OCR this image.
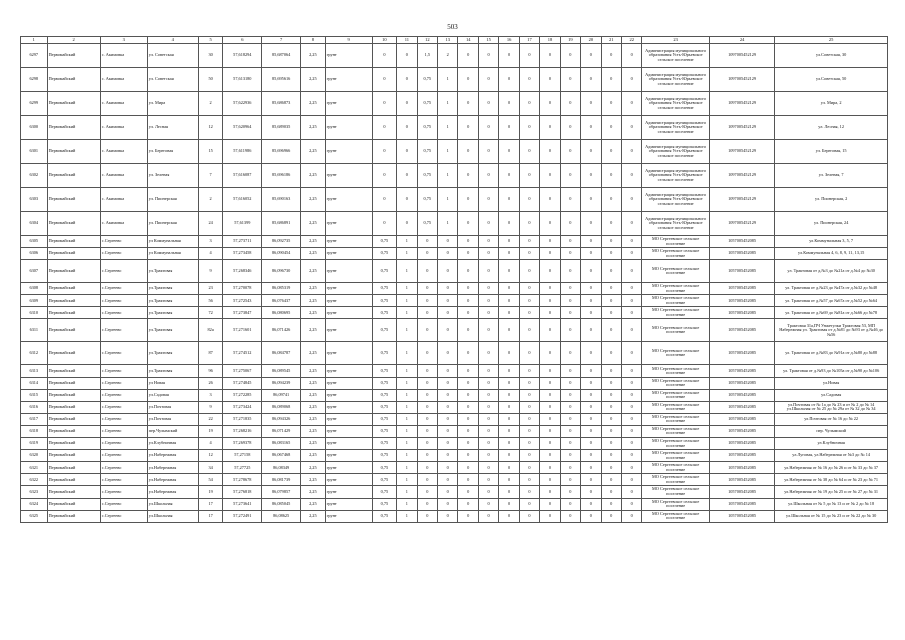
503
1	2	3	4	5	6	7	8	9	10	11	12	13	14	15	16	17	18	19	20	21	22	23	24	25
6297	Первомайский	с. Акимовка	ул. Советская	30	57,618294	85,687064	2,25	грунт	0	0	1,5	2	0	0	0	0	0	0	0	0	0	Администрация муниципального образования Усть-Юрьевское сельское поселение	1097005452129	ул.Советская, 30
6298	Первомайский	с. Акимовка	ул. Советская	50	57,613180	85,695616	2,25	грунт	0	0	0,75	1	0	0	0	0	0	0	0	0	0	Администрация муниципального образования Усть-Юрьевское сельское поселение	1097005452129	ул.Советская, 50
6299	Первомайский	с. Акимовка	ул. Мира	2	57,622936	85,686873	2,25	грунт	0	0	0,75	1	0	0	0	0	0	0	0	0	0	Администрация муниципального образования Усть-Юрьевское сельское поселение	1097005452129	ул. Мира, 2
6300	Первомайский	с. Акимовка	ул. Лесная	12	57,620964	85,689035	2,25	грунт	0	0	0,75	1	0	0	0	0	0	0	0	0	0	Администрация муниципального образования Усть-Юрьевское сельское поселение	1097005452129	ул. Лесная, 12
6301	Первомайский	с. Акимовка	ул. Береговая	15	57,611986	85,696966	2,25	грунт	0	0	0,75	1	0	0	0	0	0	0	0	0	0	Администрация муниципального образования Усть-Юрьевское сельское поселение	1097005452129	ул. Береговая, 15
6302	Первомайский	с. Акимовка	ул. Зеленая	7	57,616087	85,696186	2,25	грунт	0	0	0,75	1	0	0	0	0	0	0	0	0	0	Администрация муниципального образования Усть-Юрьевское сельское поселение	1097005452129	ул. Зеленая, 7
6303	Первомайский	с. Акимовка	ул. Пионерская	2	57,616052	85,690163	2,25	грунт	0	0	0,75	1	0	0	0	0	0	0	0	0	0	Администрация муниципального образования Усть-Юрьевское сельское поселение	1097005452129	ул. Пионерская, 2
6304	Первомайский	с. Акимовка	ул. Пионерская	24	57,61399	85,686891	2,25	грунт	0	0	0,75	1	0	0	0	0	0	0	0	0	0	Администрация муниципального образования Усть-Юрьевское сельское поселение	1097005452129	ул. Пионерская, 24
6305	Первомайский	с.Сергеево	ул Коммунальная	3	57,273711	86,092735	2,25	грунт	0,75	1	0	0	0	0	0	0	0	0	0	0	0	МО Сергеевское сельское поселение	1057005452085	ул.Коммунальная 3, 5, 7
6306	Первомайский	с.Сергеево	ул Коммунальная	4	57,273458	86,090454	2,25	грунт	0,75	1	0	0	0	0	0	0	0	0	0	0	0	МО Сергеевское сельское поселение	1057005452085	ул.Коммунальная 4, 6, 8, 9, 11, 13,15
6307	Первомайский	с.Сергеево	ул.Трактовая	9	57,268346	86,096730	2,25	грунт	0,75	1	0	0	0	0	0	0	0	0	0	0	0	МО Сергеевское сельское поселение	1057005452085	ул. Трактовая от д.№3 до №21а от д.№4 до №30
6308	Первомайский	с.Сергеево	ул.Трактовая	23	57,270078	86,085319	2,25	грунт	0,75	1	0	0	0	0	0	0	0	0	0	0	0	МО Сергеевское сельское поселение	1057005452085	ул. Трактовая от д.№23 до №47а от д.№32 до №48
6309	Первомайский	с.Сергеево	ул.Трактовая	56	57,272543	86,076437	2,25	грунт	0,75	1	0	0	0	0	0	0	0	0	0	0	0	МО Сергеевское сельское поселение	1057005452085	ул. Трактовая от д.№57 до №67а от д.№52 до №64
6310	Первомайский	с.Сергеево	ул.Трактовая	72	57,273847	86,080695	2,25	грунт	0,75	1	0	0	0	0	0	0	0	0	0	0	0	МО Сергеевское сельское поселение	1057005452085	ул. Трактовая от д.№69 до №81а от д.№66 до №78
6311	Первомайский	с.Сергеево	ул.Трактовая	82а	57,271601	86,071426	2,25	грунт	0,75	1	0	0	0	0	0	0	0	0	0	0	0	МО Сергеевское сельское поселение	1057005452085	Трактовая 31а,ПЧ Унжетулки Трактовая 53, МП Набережная ул. Трактовая от д.№81 до №93 от д.№46 до №56
6312	Первомайский	с.Сергеево	ул.Трактовая	87	57,274512	86,084787	2,25	грунт	0,75	1	0	0	0	0	0	0	0	0	0	0	0	МО Сергеевское сельское поселение	1057005452085	ул. Трактовая от д.№83 до №91а от д.№80 до №88
6313	Первомайский	с.Сергеево	ул.Трактовая	96	57,275067	86,089545	2,25	грунт	0,75	1	0	0	0	0	0	0	0	0	0	0	0	МО Сергеевское сельское поселение	1057005452085	ул. Трактовая от д.№93 до №105а от д.№90 до №106
6314	Первомайский	с.Сергеево	ул Новая	26	57,274845	86,094239	2,25	грунт	0,75	1	0	0	0	0	0	0	0	0	0	0	0	МО Сергеевское сельское поселение	1057005452085	ул.Новая
6315	Первомайский	с.Сергеево	ул.Садовая	3	57,272285	86,09741	2,25	грунт	0,75	1	0	0	0	0	0	0	0	0	0	0	0	МО Сергеевское сельское поселение	1057005452085	ул.Садовая
6316	Первомайский	с.Сергеево	ул.Почтовая	9	57,273424	86,089068	2,25	грунт	0,75	1	0	0	0	0	0	0	0	0	0	0	0	МО Сергеевское сельское поселение	1057005452085	ул.Почтовая от № 1а до № 23 и от № 2 до № 14 ул.Школьная от № 25 до № 29а от № 32 до № 34
6317	Первомайский	с.Сергеево	ул.Почтовая	22	57,271835	86,094326	2,25	грунт	0,75	1	0	0	0	0	0	0	0	0	0	0	0	МО Сергеевское сельское поселение	1057005452085	ул.Почтовая от № 16 до № 22
6318	Первомайский	с.Сергеево	пер.Чулымский	19	57,268216	86,071429	2,25	грунт	0,75	1	0	0	0	0	0	0	0	0	0	0	0	МО Сергеевское сельское поселение	1057005452085	пер. Чулымский
6319	Первомайский	с.Сергеево	ул.Клубничная	4	57,269378	86,083165	2,25	грунт	0,75	1	0	0	0	0	0	0	0	0	0	0	0	МО Сергеевское сельское поселение	1057005452085	ул.Клубничная
6320	Первомайский	с.Сергеево	ул.Набережная	12	57,27158	86,067468	2,25	грунт	0,75	1	0	0	0	0	0	0	0	0	0	0	0	МО Сергеевское сельское поселение	1057005452085	ул.Луговая, ул.Набережная от №3 до № 14
6321	Первомайский	с.Сергеево	ул.Набережная	34	57,27725	86,08349	2,25	грунт	0,75	1	0	0	0	0	0	0	0	0	0	0	0	МО Сергеевское сельское поселение	1057005452085	ул.Набережная от № 16 до № 26 и от № 33 до № 37
6322	Первомайский	с.Сергеево	ул.Набережная	54	57,278678	86,081739	2,25	грунт	0,75	1	0	0	0	0	0	0	0	0	0	0	0	МО Сергеевское сельское поселение	1057005452085	ул.Набережная от № 38 до № 64 и от № 23 до № 71
6323	Первомайский	с.Сергеево	ул.Набережная	19	57,276818	86,079857	2,25	грунт	0,75	1	0	0	0	0	0	0	0	0	0	0	0	МО Сергеевское сельское поселение	1057005452085	ул.Набережная от № 19 до № 25 и от № 27 до № 31
6324	Первомайский	с.Сергеево	ул.Школьная	17	57,273641	86,085045	2,25	грунт	0,75	1	0	0	0	0	0	0	0	0	0	0	0	МО Сергеевское сельское поселение	1057005452085	ул.Школьная от № 5 до № 13 и от № 2 до № 18
6325	Первомайский	с.Сергеево	ул.Школьная	17	57,272491	86,08625	2,25	грунт	0,75	1	0	0	0	0	0	0	0	0	0	0	0	МО Сергеевское сельское поселение	1057005452085	ул.Школьная от № 15 до № 23 и от № 22 до № 30
